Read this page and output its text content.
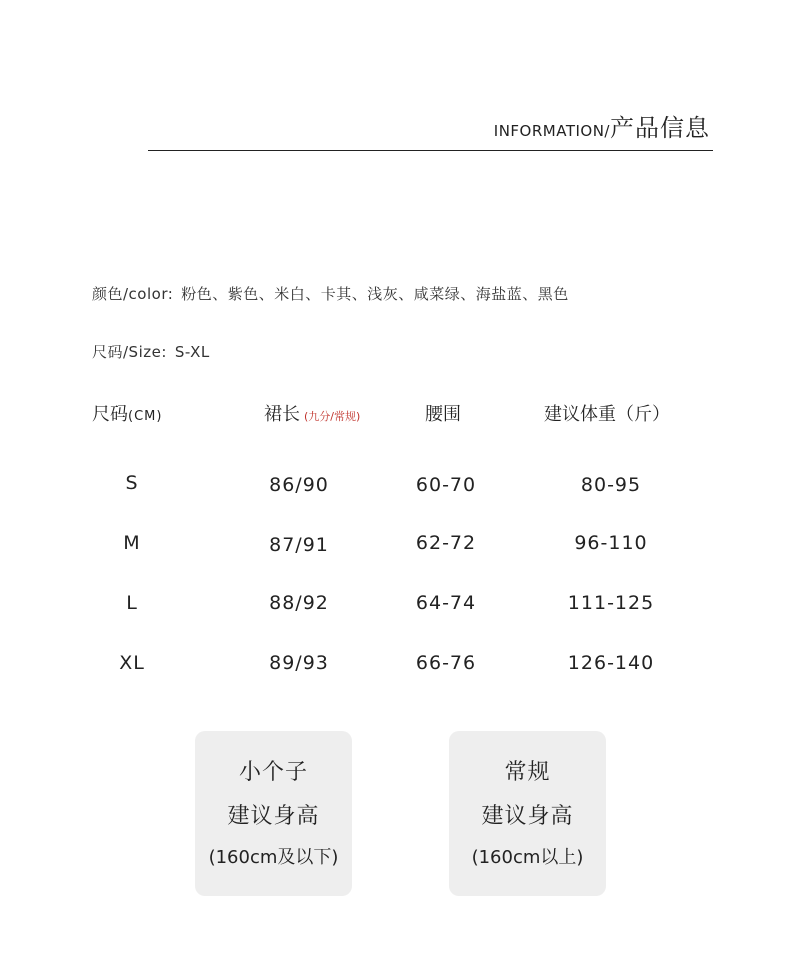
INFORMATION/产品信息
颜色/color: 粉色、紫色、米白、卡其、浅灰、咸菜绿、海盐蓝、黑色
尺码/Size: S-XL
尺码(CM)	裙长 (九分/常规)	腰围	建议体重（斤）
S	86/90	60-70	80-95
M	87/91	62-72	96-110
L	88/92	64-74	111-125
XL	89/93	66-76	126-140
小个子
建议身高
(160cm及以下)
常规
建议身高
(160cm以上)
